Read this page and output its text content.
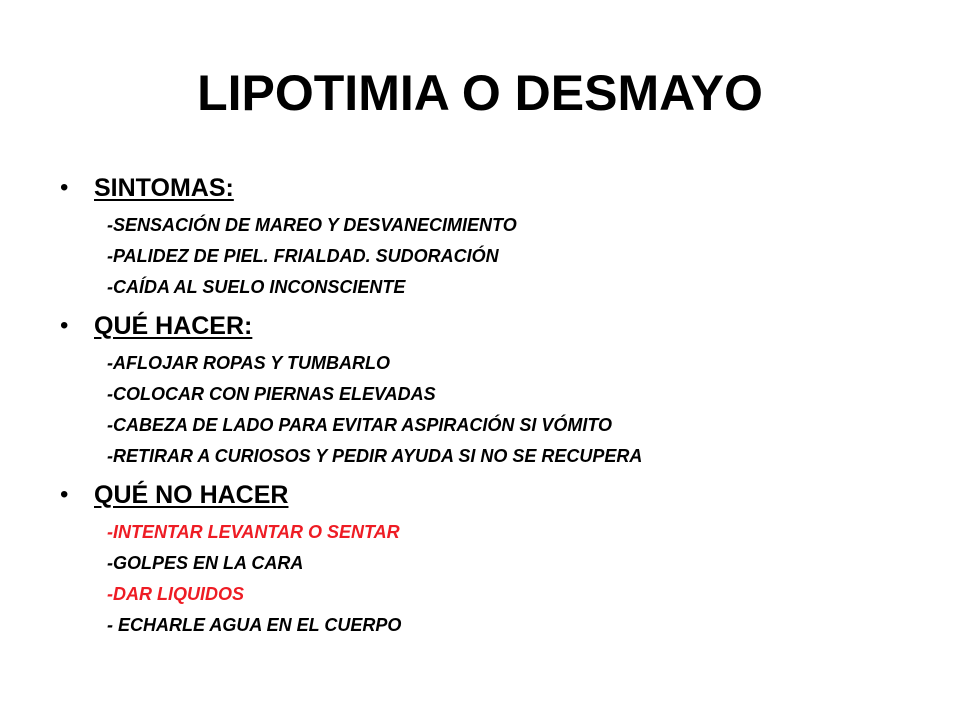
LIPOTIMIA O DESMAYO
• SINTOMAS:
-SENSACIÓN DE MAREO Y DESVANECIMIENTO
-PALIDEZ DE PIEL. FRIALDAD. SUDORACIÓN
-CAÍDA AL SUELO INCONSCIENTE
• QUÉ HACER:
-AFLOJAR ROPAS Y TUMBARLO
-COLOCAR CON PIERNAS ELEVADAS
-CABEZA DE LADO PARA EVITAR ASPIRACIÓN SI VÓMITO
-RETIRAR A CURIOSOS Y PEDIR AYUDA SI NO SE RECUPERA
• QUÉ NO HACER
-INTENTAR LEVANTAR O SENTAR
-GOLPES EN LA CARA
-DAR LIQUIDOS
- ECHARLE AGUA EN EL CUERPO
